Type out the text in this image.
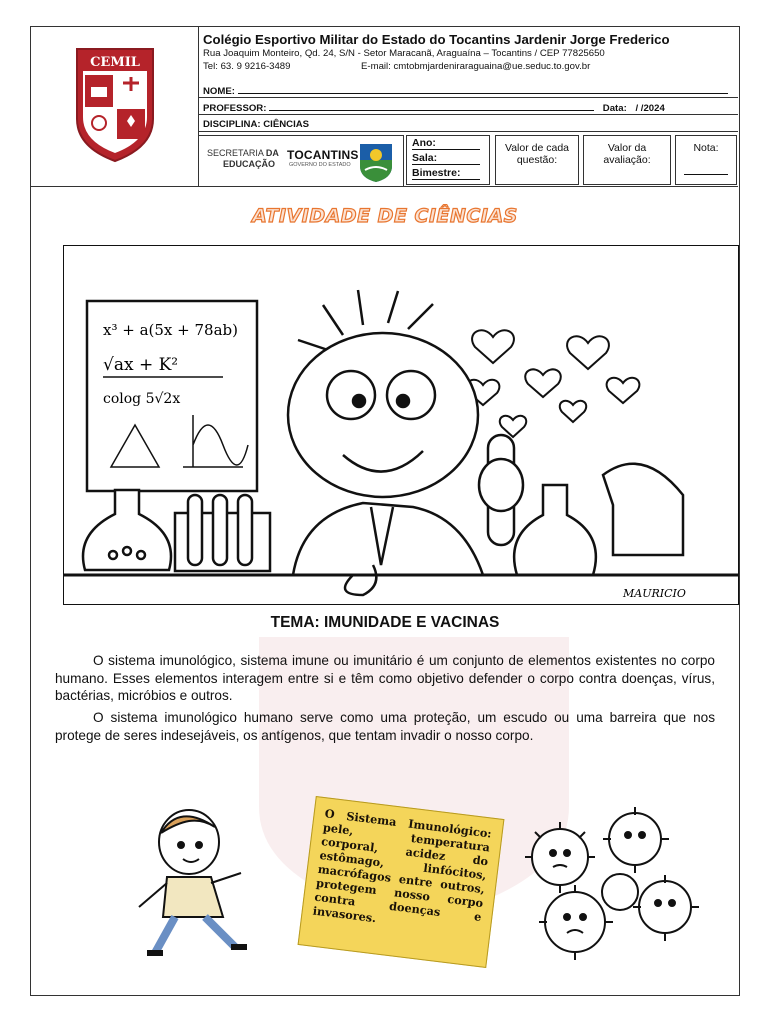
CEMIL
Colégio Esportivo Militar do Estado do Tocantins Jardenir Jorge Frederico
Rua Joaquim Monteiro, Qd. 24, S/N - Setor Maracanã, Araguaína – Tocantins / CEP 77825650
Tel: 63. 9 9216-3489	E-mail: cmtobmjardeniraraguaina@ue.seduc.to.gov.br
NOME:
PROFESSOR:	Data: / /2024
DISCIPLINA: CIÊNCIAS
SECRETARIA DA
EDUCAÇÃO
TOCANTINS
GOVERNO DO ESTADO
Ano:
Sala:
Bimestre:
Valor de cada questão:
Valor da avaliação:
Nota:
ATIVIDADE DE CIÊNCIAS
x³ + a(5x + 78ab)
√ax + K²
colog 5√2x
MAURICIO
TEMA: IMUNIDADE E VACINAS
O sistema imunológico, sistema imune ou imunitário é um conjunto de elementos existentes no corpo humano. Esses elementos interagem entre si e têm como objetivo defender o corpo contra doenças, vírus, bactérias, micróbios e outros.
O sistema imunológico humano serve como uma proteção, um escudo ou uma barreira que nos protege de seres indesejáveis, os antígenos, que tentam invadir o nosso corpo.
O Sistema Imunológico: pele, temperatura corporal, acidez do estômago, linfócitos, macrófagos entre outros, protegem nosso corpo contra doenças e invasores.
